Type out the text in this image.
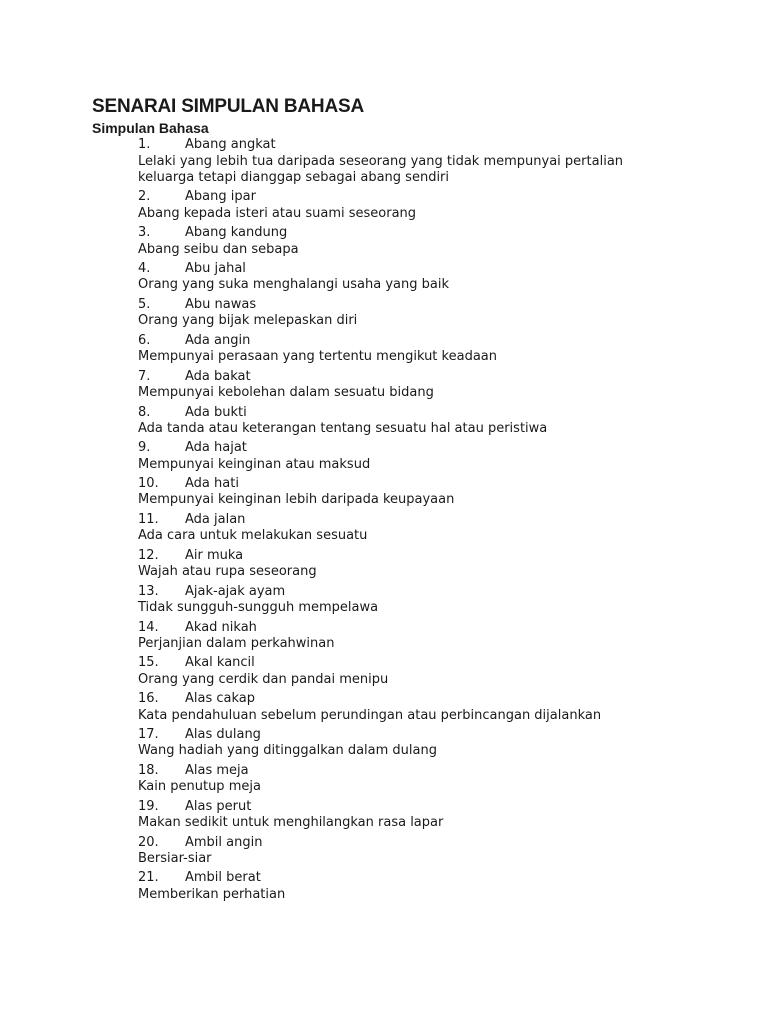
SENARAI SIMPULAN BAHASA
Simpulan Bahasa
1.	Abang angkat
Lelaki yang lebih tua daripada seseorang yang tidak mempunyai pertalian
keluarga tetapi dianggap sebagai abang sendiri
2.	Abang ipar
Abang kepada isteri atau suami seseorang
3.	Abang kandung
Abang seibu dan sebapa
4.	Abu jahal
Orang yang suka menghalangi usaha yang baik
5.	Abu nawas
Orang yang bijak melepaskan diri
6.	Ada angin
Mempunyai perasaan yang tertentu mengikut keadaan
7.	Ada bakat
Mempunyai kebolehan dalam sesuatu bidang
8.	Ada bukti
Ada tanda atau keterangan tentang sesuatu hal atau peristiwa
9.	Ada hajat
Mempunyai keinginan atau maksud
10.	Ada hati
Mempunyai keinginan lebih daripada keupayaan
11.	Ada jalan
Ada cara untuk melakukan sesuatu
12.	Air muka
Wajah atau rupa seseorang
13.	Ajak-ajak ayam
Tidak sungguh-sungguh mempelawa
14.	Akad nikah
Perjanjian dalam perkahwinan
15.	Akal kancil
Orang yang cerdik dan pandai menipu
16.	Alas cakap
Kata pendahuluan sebelum perundingan atau perbincangan dijalankan
17.	Alas dulang
Wang hadiah yang ditinggalkan dalam dulang
18.	Alas meja
Kain penutup meja
19.	Alas perut
Makan sedikit untuk menghilangkan rasa lapar
20.	Ambil angin
Bersiar-siar
21.	Ambil berat
Memberikan perhatian
